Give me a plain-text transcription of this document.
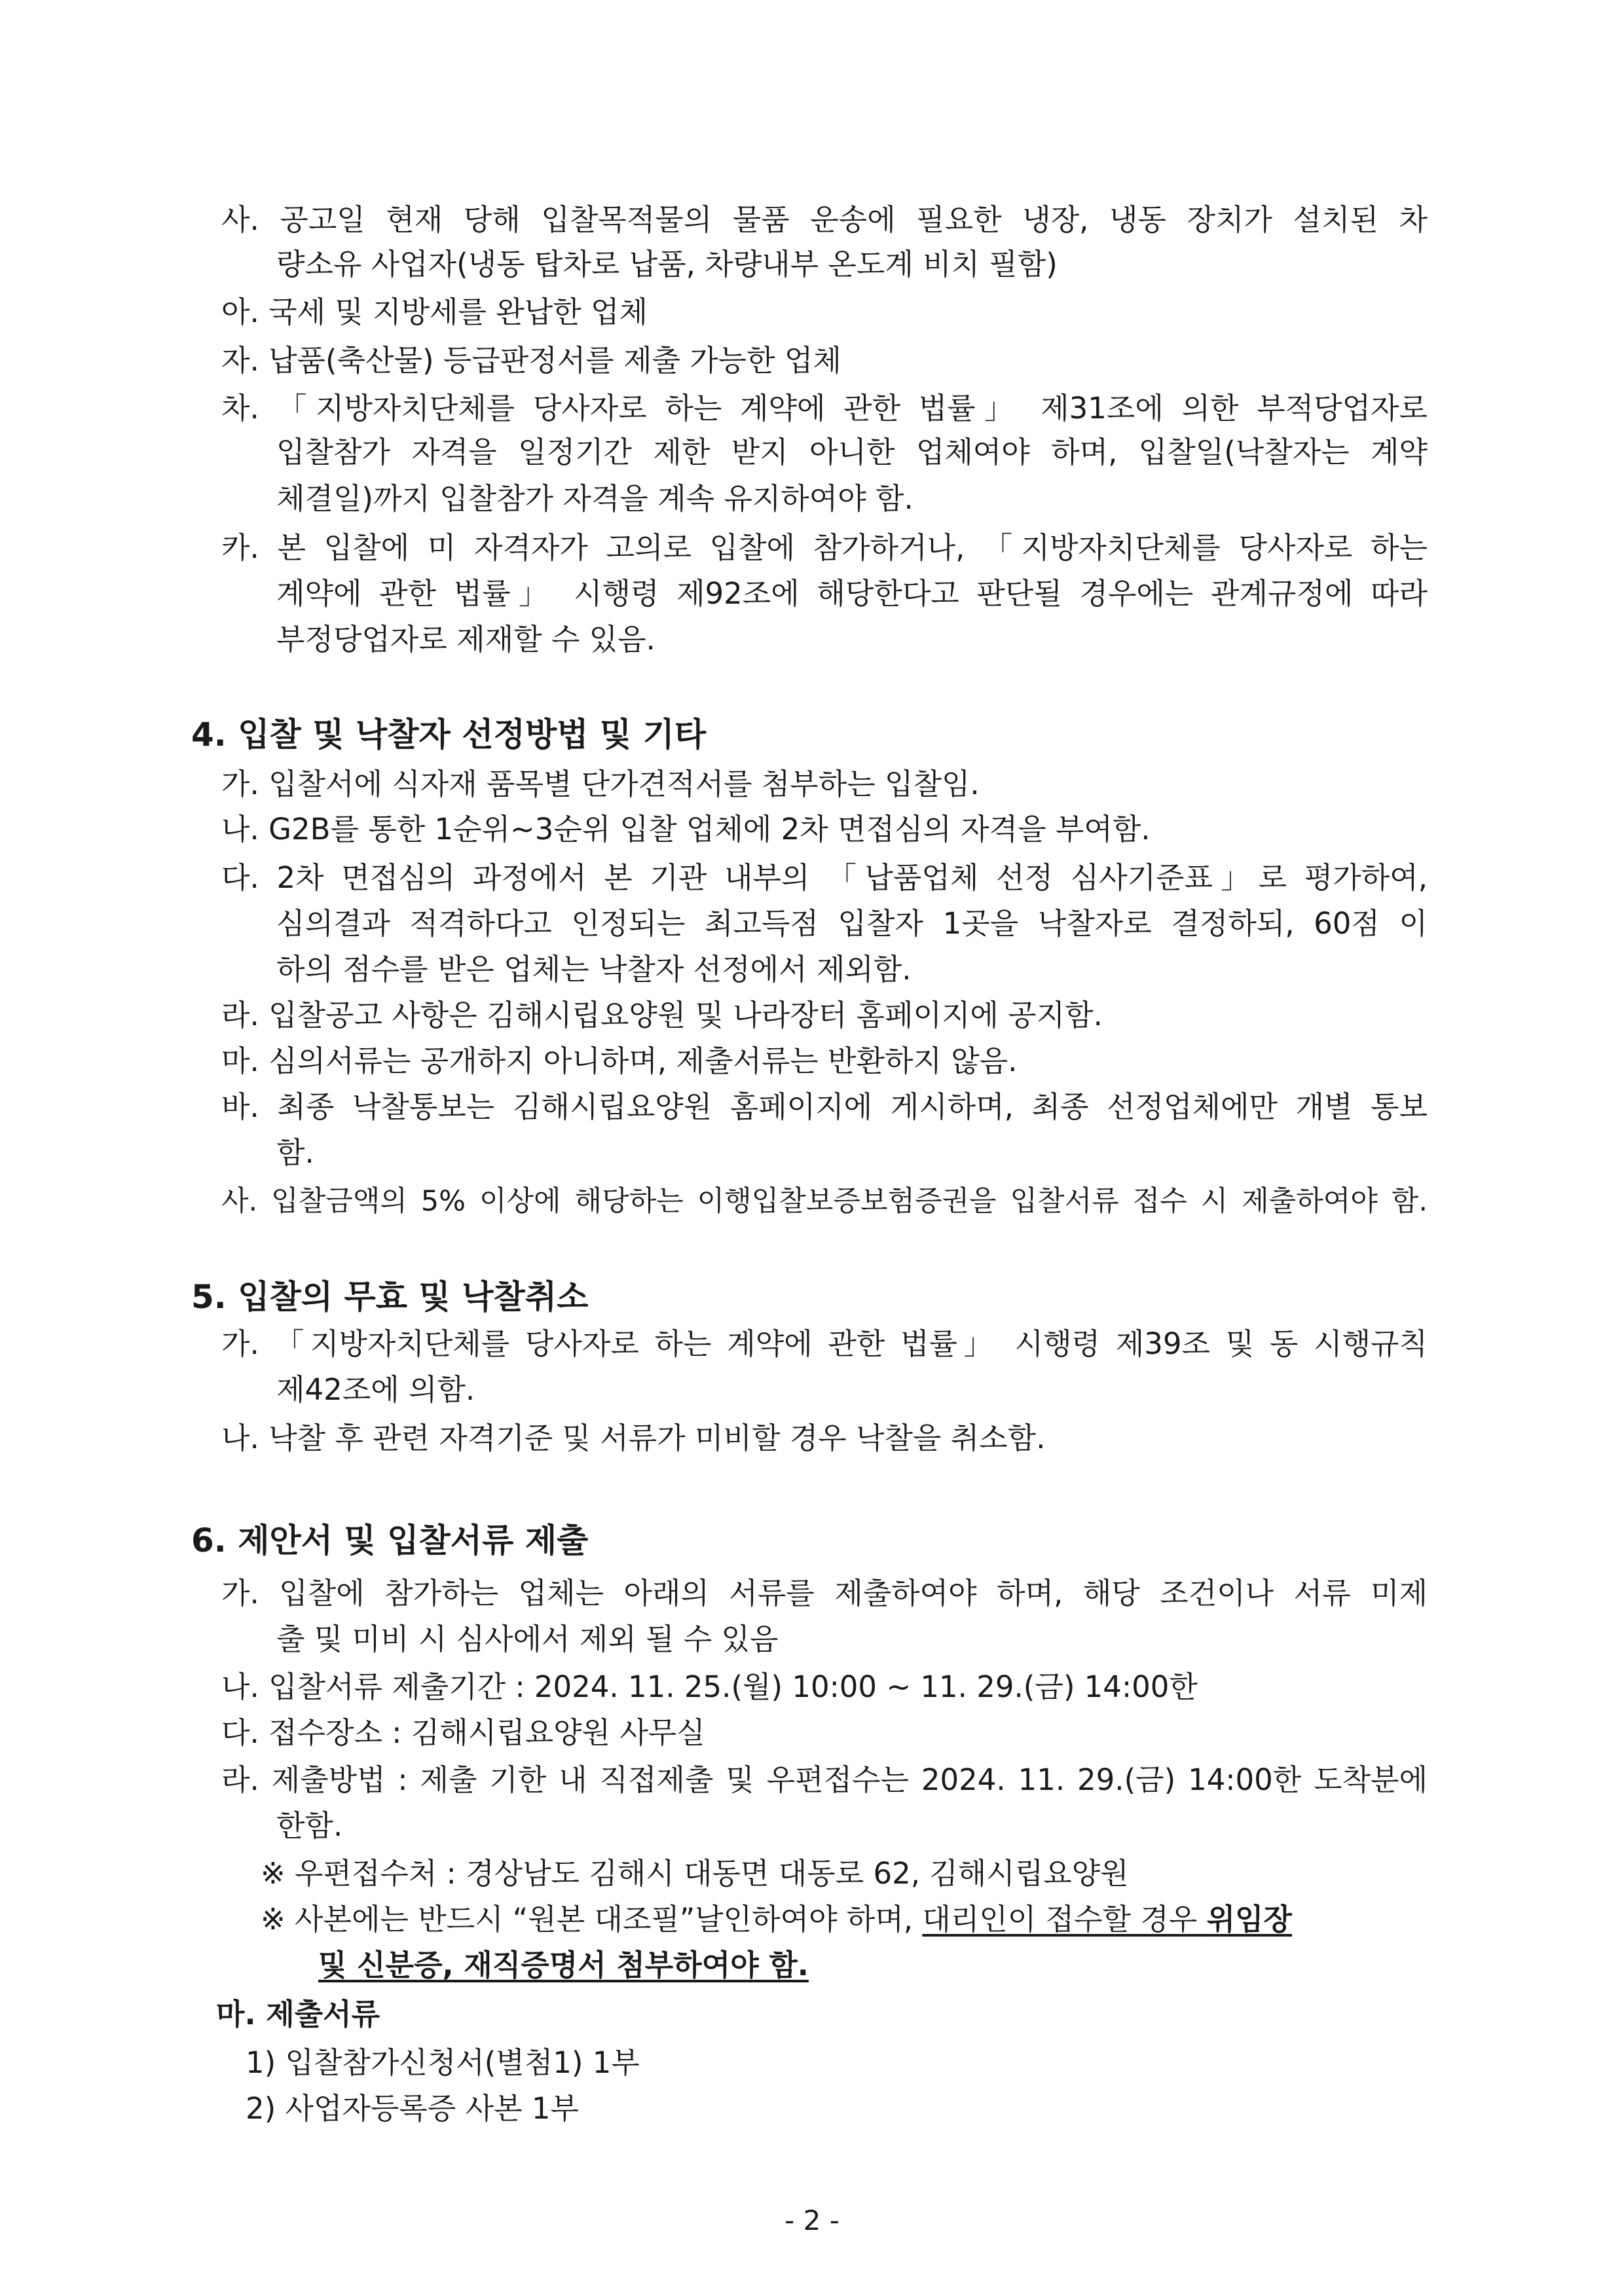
사. 공고일 현재 당해 입찰목적물의 물품 운송에 필요한 냉장, 냉동 장치가 설치된 차
량소유 사업자(냉동 탑차로 납품, 차량내부 온도계 비치 필함)
아. 국세 및 지방세를 완납한 업체
자. 납품(축산물) 등급판정서를 제출 가능한 업체
차. 「지방자치단체를 당사자로 하는 계약에 관한 법률」 제31조에 의한 부적당업자로
입찰참가 자격을 일정기간 제한 받지 아니한 업체여야 하며, 입찰일(낙찰자는 계약
체결일)까지 입찰참가 자격을 계속 유지하여야 함.
카. 본 입찰에 미 자격자가 고의로 입찰에 참가하거나, 「지방자치단체를 당사자로 하는
계약에 관한 법률」 시행령 제92조에 해당한다고 판단될 경우에는 관계규정에 따라
부정당업자로 제재할 수 있음.
4. 입찰 및 낙찰자 선정방법 및 기타
가. 입찰서에 식자재 품목별 단가견적서를 첨부하는 입찰임.
나. G2B를 통한 1순위~3순위 입찰 업체에 2차 면접심의 자격을 부여함.
다. 2차 면접심의 과정에서 본 기관 내부의 「납품업체 선정 심사기준표」로 평가하여,
심의결과 적격하다고 인정되는 최고득점 입찰자 1곳을 낙찰자로 결정하되, 60점 이
하의 점수를 받은 업체는 낙찰자 선정에서 제외함.
라. 입찰공고 사항은 김해시립요양원 및 나라장터 홈페이지에 공지함.
마. 심의서류는 공개하지 아니하며, 제출서류는 반환하지 않음.
바. 최종 낙찰통보는 김해시립요양원 홈페이지에 게시하며, 최종 선정업체에만 개별 통보
함.
사. 입찰금액의 5% 이상에 해당하는 이행입찰보증보험증권을 입찰서류 접수 시 제출하여야 함.
5. 입찰의 무효 및 낙찰취소
가. 「지방자치단체를 당사자로 하는 계약에 관한 법률」 시행령 제39조 및 동 시행규칙
제42조에 의함.
나. 낙찰 후 관련 자격기준 및 서류가 미비할 경우 낙찰을 취소함.
6. 제안서 및 입찰서류 제출
가. 입찰에 참가하는 업체는 아래의 서류를 제출하여야 하며, 해당 조건이나 서류 미제
출 및 미비 시 심사에서 제외 될 수 있음
나. 입찰서류 제출기간 : 2024. 11. 25.(월) 10:00 ~ 11. 29.(금) 14:00한
다. 접수장소 : 김해시립요양원 사무실
라. 제출방법 : 제출 기한 내 직접제출 및 우편접수는 2024. 11. 29.(금) 14:00한 도착분에
한함.
※ 우편접수처 : 경상남도 김해시 대동면 대동로 62, 김해시립요양원
※ 사본에는 반드시 “원본 대조필”날인하여야 하며, 대리인이 접수할 경우 위임장
및 신분증, 재직증명서 첨부하여야 함.
마. 제출서류
1) 입찰참가신청서(별첨1) 1부
2) 사업자등록증 사본 1부
- 2 -
